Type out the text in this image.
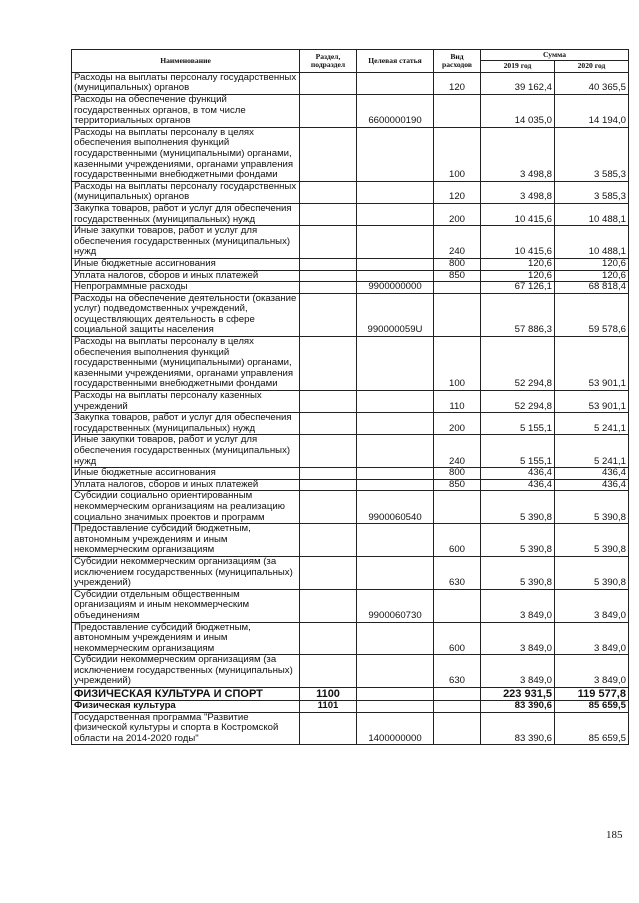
Наименование	Раздел, подраздел	Целевая статья	Вид расходов	Сумма	
				2019 год	2020 год
Расходы на выплаты персоналу государственных (муниципальных) органов			120	39 162,4	40 365,5
Расходы на обеспечение функций государственных органов, в том числе территориальных органов		6600000190		14 035,0	14 194,0
Расходы на выплаты персоналу в целях обеспечения выполнения функций государственными (муниципальными) органами, казенными учреждениями, органами управления государственными внебюджетными фондами			100	3 498,8	3 585,3
Расходы на выплаты персоналу государственных (муниципальных) органов			120	3 498,8	3 585,3
Закупка товаров, работ и услуг для обеспечения государственных (муниципальных) нужд			200	10 415,6	10 488,1
Иные закупки товаров, работ и услуг для обеспечения государственных (муниципальных) нужд			240	10 415,6	10 488,1
Иные бюджетные ассигнования			800	120,6	120,6
Уплата налогов, сборов и иных платежей			850	120,6	120,6
Непрограммные расходы		9900000000		67 126,1	68 818,4
Расходы на обеспечение деятельности (оказание услуг) подведомственных учреждений, осуществляющих деятельность в сфере социальной защиты населения		990000059U		57 886,3	59 578,6
Расходы на выплаты персоналу в целях обеспечения выполнения функций государственными (муниципальными) органами, казенными учреждениями, органами управления государственными внебюджетными фондами			100	52 294,8	53 901,1
Расходы на выплаты персоналу казенных учреждений			110	52 294,8	53 901,1
Закупка товаров, работ и услуг для обеспечения государственных (муниципальных) нужд			200	5 155,1	5 241,1
Иные закупки товаров, работ и услуг для обеспечения государственных (муниципальных) нужд			240	5 155,1	5 241,1
Иные бюджетные ассигнования			800	436,4	436,4
Уплата налогов, сборов и иных платежей			850	436,4	436,4
Субсидии социально ориентированным некоммерческим организациям на реализацию социально значимых проектов и программ		9900060540		5 390,8	5 390,8
Предоставление субсидий бюджетным, автономным учреждениям и иным некоммерческим организациям			600	5 390,8	5 390,8
Субсидии некоммерческим организациям (за исключением государственных (муниципальных) учреждений)			630	5 390,8	5 390,8
Субсидии отдельным общественным организациям и иным некоммерческим объединениям		9900060730		3 849,0	3 849,0
Предоставление субсидий бюджетным, автономным учреждениям и иным некоммерческим организациям			600	3 849,0	3 849,0
Субсидии некоммерческим организациям (за исключением государственных (муниципальных) учреждений)			630	3 849,0	3 849,0
ФИЗИЧЕСКАЯ КУЛЬТУРА И СПОРТ	1100			223 931,5	119 577,8
Физическая культура	1101			83 390,6	85 659,5
Государственная программа "Развитие физической культуры и спорта в Костромской области на 2014-2020 годы"		1400000000		83 390,6	85 659,5
185
